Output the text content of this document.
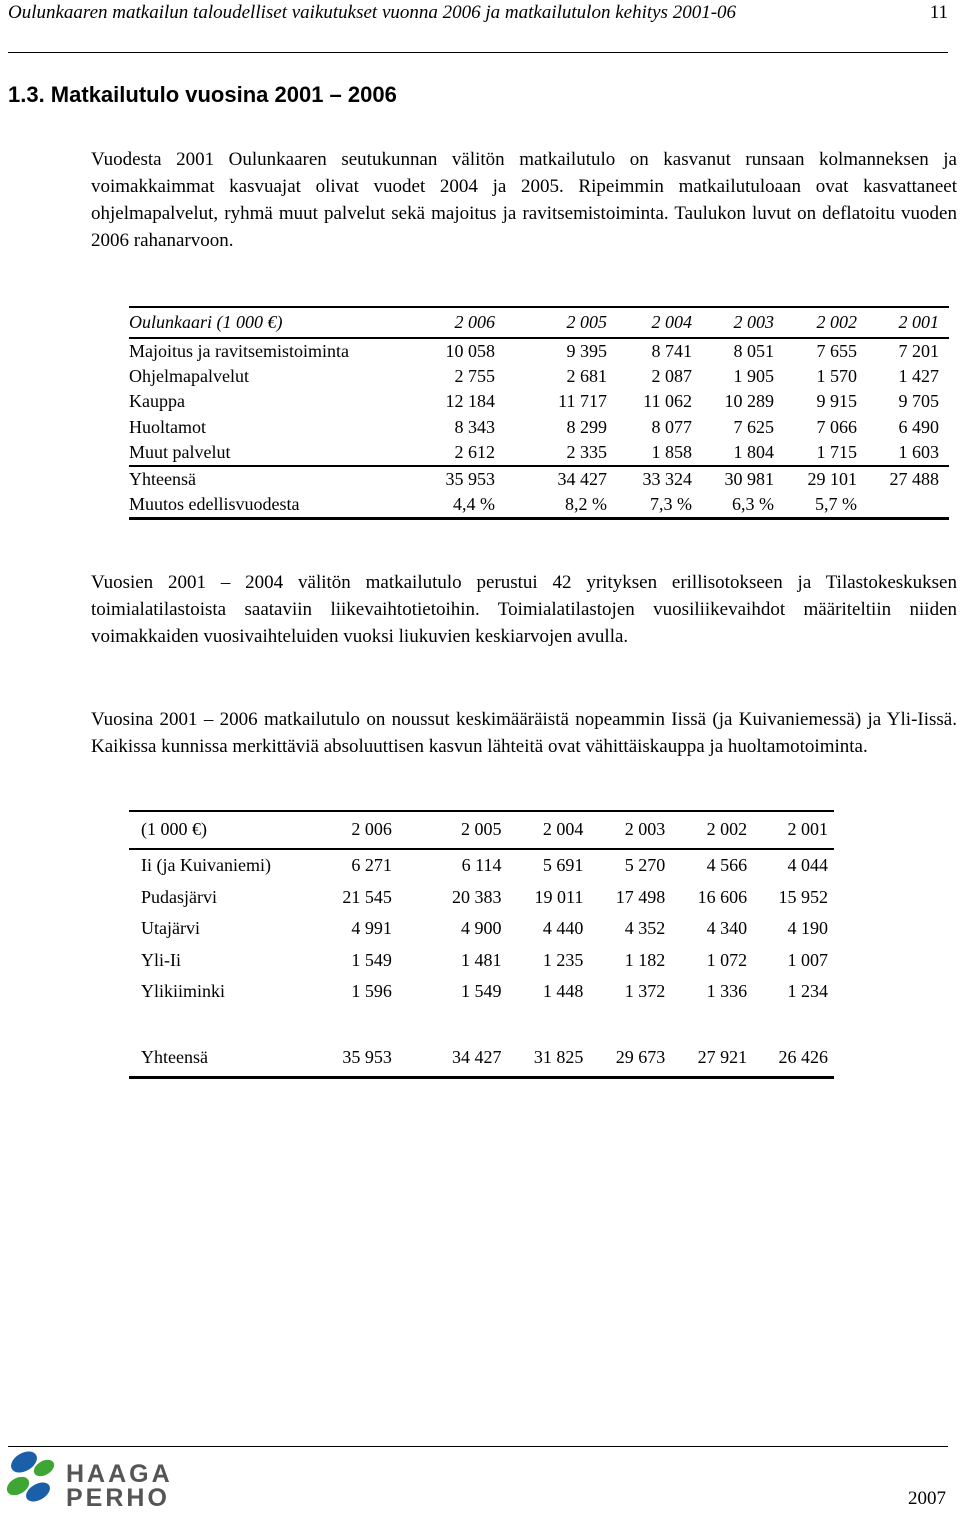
Oulunkaaren matkailun taloudelliset vaikutukset vuonna 2006 ja matkailutulon kehitys 2001-06	11
1.3. Matkailutulo vuosina 2001 – 2006

Vuodesta 2001 Oulunkaaren seutukunnan välitön matkailutulo on kasvanut runsaan kolmanneksen ja voimakkaimmat kasvuajat olivat vuodet 2004 ja 2005. Ripeimmin matkailutuloaan ovat kasvattaneet ohjelmapalvelut, ryhmä muut palvelut sekä majoitus ja ravitsemistoiminta. Taulukon luvut on deflatoitu vuoden 2006 rahanarvoon.

Oulunkaari (1 000 €)	2 006	2 005	2 004	2 003	2 002	2 001
Majoitus ja ravitsemistoiminta	10 058	9 395	8 741	8 051	7 655	7 201
Ohjelmapalvelut	2 755	2 681	2 087	1 905	1 570	1 427
Kauppa	12 184	11 717	11 062	10 289	9 915	9 705
Huoltamot	8 343	8 299	8 077	7 625	7 066	6 490
Muut palvelut	2 612	2 335	1 858	1 804	1 715	1 603
Yhteensä	35 953	34 427	33 324	30 981	29 101	27 488
Muutos edellisvuodesta	4,4 %	8,2 %	7,3 %	6,3 %	5,7 %	

Vuosien 2001 – 2004 välitön matkailutulo perustui 42 yrityksen erillisotokseen ja Tilastokeskuksen toimialatilastoista saataviin liikevaihtotietoihin. Toimialatilastojen vuosiliikevaihdot määriteltiin niiden voimakkaiden vuosivaihteluiden vuoksi liukuvien keskiarvojen avulla.

Vuosina 2001 – 2006 matkailutulo on noussut keskimääräistä nopeammin Iissä (ja Kuivaniemessä) ja Yli-Iissä. Kaikissa kunnissa merkittäviä absoluuttisen kasvun lähteitä ovat vähittäiskauppa ja huoltamotoiminta.

(1 000 €)	2 006	2 005	2 004	2 003	2 002	2 001
Ii (ja Kuivaniemi)	6 271	6 114	5 691	5 270	4 566	4 044
Pudasjärvi	21 545	20 383	19 011	17 498	16 606	15 952
Utajärvi	4 991	4 900	4 440	4 352	4 340	4 190
Yli-Ii	1 549	1 481	1 235	1 182	1 072	1 007
Ylikiiminki	1 596	1 549	1 448	1 372	1 336	1 234

Yhteensä	35 953	34 427	31 825	29 673	27 921	26 426
HAAGA
PERHO	2007
